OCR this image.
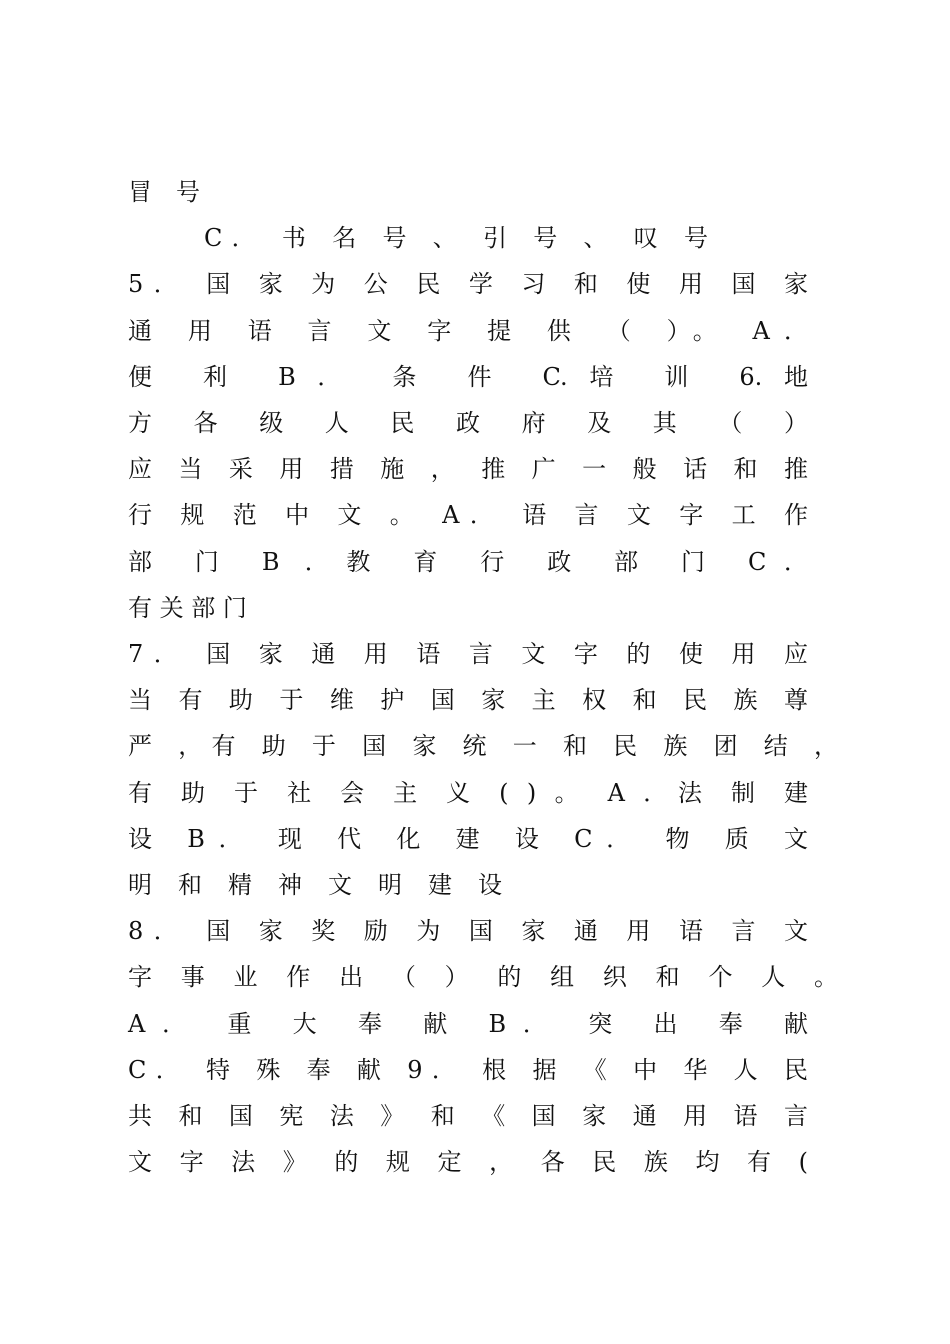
冒 号
C． 书 名 号 、 引 号 、 叹 号
5． 国 家 为 公 民 学 习 和 使 用 国 家
通 用 语 言 文 字 提 供 （ ）。 A．
便 利 B． 条 件 C.培 训 6.地
方 各 级 人 民 政 府 及 其 （ ）
应 当 采 用 措 施 ， 推 广 一 般 话 和 推
行 规 范 中 文 。 A． 语 言 文 字 工 作
部 门 B ．教 育 行 政 部 门 C．
有 关 部 门
7． 国 家 通 用 语 言 文 字 的 使 用 应
当 有 助 于 维 护 国 家 主 权 和 民 族 尊
严 ，有 助 于 国 家 统 一 和 民 族 团 结 ，
有 助 于 社 会 主 义 ( ) 。 A ．法 制 建
设 B． 现 代 化 建 设 C． 物 质 文
明 和 精 神 文 明 建 设
8． 国 家 奖 励 为 国 家 通 用 语 言 文
字 事 业 作 出 （ ） 的 组 织 和 个 人 。
A． 重 大 奉 献 B． 突 出 奉 献
C． 特 殊 奉 献 9． 根 据 《 中 华 人 民
共 和 国 宪 法 》 和 《 国 家 通 用 语 言
文 字 法 》 的 规 定 ， 各 民 族 均 有 (
